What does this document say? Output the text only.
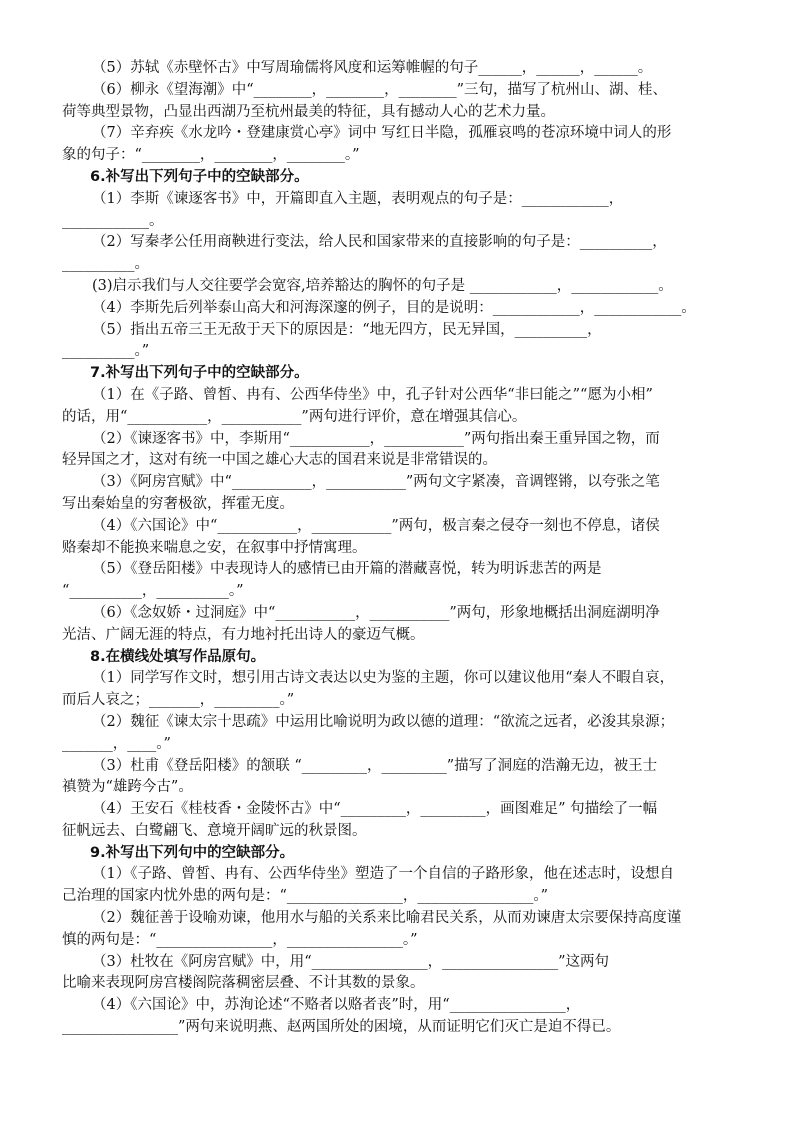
（5）苏轼《赤壁怀古》中写周瑜儒将风度和运筹帷幄的句子______，______，______。
（6）柳永《望海潮》中“________，________，________”三句，描写了杭州山、湖、桂、
荷等典型景物，凸显出西湖乃至杭州最美的特征，具有撼动人心的艺术力量。
（7）辛弃疾《水龙吟・登建康赏心亭》词中 写红日半隐，孤雁哀鸣的苍凉环境中词人的形
象的句子：“________，________，________。”
6.补写出下列句子中的空缺部分。
（1）李斯《谏逐客书》中，开篇即直入主题，表明观点的句子是：____________，
____________。
（2）写秦孝公任用商鞅进行变法，给人民和国家带来的直接影响的句子是：__________，
__________。
(3)启示我们与人交往要学会宽容,培养豁达的胸怀的句子是 ____________，____________。
（4）李斯先后列举泰山高大和河海深邃的例子，目的是说明：____________，____________。
（5）指出五帝三王无敌于天下的原因是：“地无四方，民无异国，__________，
__________。”
7.补写出下列句子中的空缺部分。
（1）在《子路、曾皙、冉有、公西华侍坐》中，孔子针对公西华“非曰能之”“愿为小相”
的话，用“___________，___________”两句进行评价，意在增强其信心。
（2）《谏逐客书》中，李斯用“___________，___________”两句指出秦王重异国之物，而
轻异国之才，这对有统一中国之雄心大志的国君来说是非常错误的。
（3）《阿房宫赋》中“___________，___________”两句文字紧凑，音调铿锵，以夸张之笔
写出秦始皇的穷奢极欲，挥霍无度。
（4）《六国论》中“___________，___________”两句，极言秦之侵夺一刻也不停息，诸侯
赂秦却不能换来喘息之安，在叙事中抒情寓理。
（5）《登岳阳楼》中表现诗人的感情已由开篇的潜藏喜悦，转为明诉悲苦的两是
“__________，__________。”
（6）《念奴娇・过洞庭》中“___________，___________”两句，形象地概括出洞庭湖明净
光洁、广阔无涯的特点，有力地衬托出诗人的豪迈气概。
8.在横线处填写作品原句。
（1）同学写作文时，想引用古诗文表达以史为鉴的主题，你可以建议他用“秦人不暇自哀，
而后人哀之；_______，_________。”
（2）魏征《谏太宗十思疏》中运用比喻说明为政以德的道理：“欲流之远者，必浚其泉源；
_______，____。”
（3）杜甫《登岳阳楼》的颔联 “_________，_________”描写了洞庭的浩瀚无边，被王士
禛赞为“雄跨今古”。
（4）王安石《桂枝香・金陵怀古》中“_________，_________，画图难足” 句描绘了一幅
征帆远去、白鹭翩飞、意境开阔旷远的秋景图。
9.补写出下列句中的空缺部分。
（1）《子路、曾皙、冉有、公西华侍坐》塑造了一个自信的子路形象，他在述志时，设想自
己治理的国家内忧外患的两句是：“________________，________________。”
（2）魏征善于设喻劝谏，他用水与船的关系来比喻君民关系，从而劝谏唐太宗要保持高度谨
慎的两句是：“________________，________________。”
（3）杜牧在《阿房宫赋》中，用“________________，________________”这两句
比喻来表现阿房宫楼阁院落稠密层叠、不计其数的景象。
（4）《六国论》中，苏洵论述“不赂者以赂者丧”时，用“________________，
________________”两句来说明燕、赵两国所处的困境，从而证明它们灭亡是迫不得已。
